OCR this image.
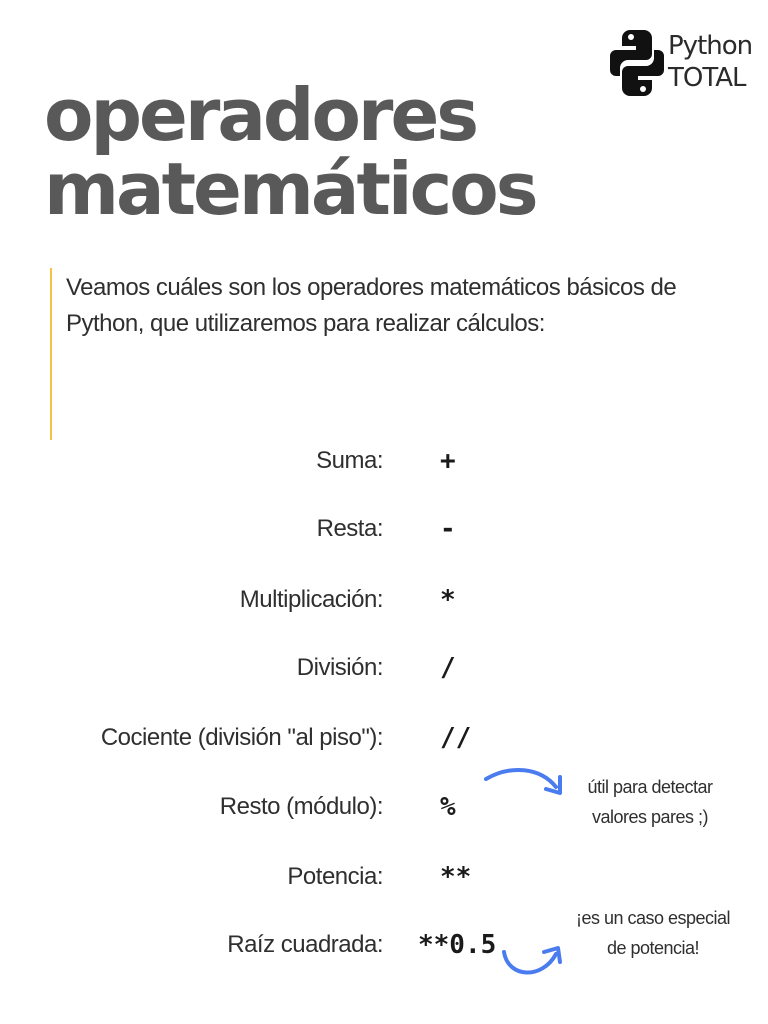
Python
TOTAL
operadores
matemáticos

Veamos cuáles son los operadores matemáticos básicos de Python, que utilizaremos para realizar cálculos:

Suma: +
Resta: -
Multiplicación: *
División: /
Cociente (división "al piso"): //
Resto (módulo): %
Potencia: **
Raíz cuadrada: **0.5
útil para detectar
valores pares ;)
¡es un caso especial
de potencia!
